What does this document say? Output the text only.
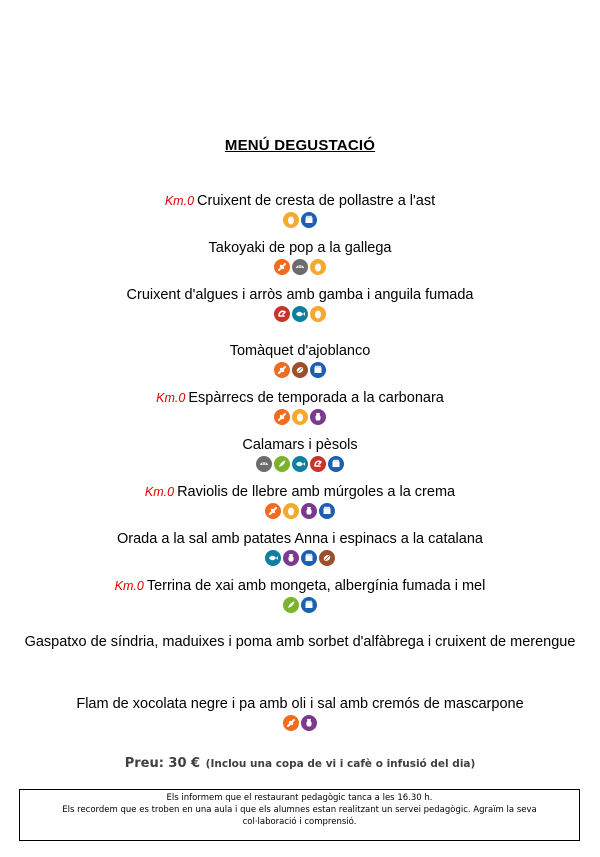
MENÚ DEGUSTACIÓ
Km.0 Cruixent de cresta de pollastre a l'ast
Takoyaki de pop a la gallega
Cruixent d'algues i arròs amb gamba i anguila fumada
Tomàquet d'ajoblanco
Km.0 Espàrrecs de temporada a la carbonara
Calamars i pèsols
Km.0 Raviolis de llebre amb múrgoles a la crema
Orada a la sal amb patates Anna i espinacs a la catalana
Km.0 Terrina de xai amb mongeta, albergínia fumada i mel
Gaspatxo de síndria, maduixes i poma amb sorbet d'alfàbrega i cruixent de merengue
Flam de xocolata negre i pa amb oli i sal amb cremós de mascarpone
Preu: 30 € (Inclou una copa de vi i cafè o infusió del dia)
Els informem que el restaurant pedagògic tanca a les 16.30 h.
Els recordem que es troben en una aula i que els alumnes estan realitzant un servei pedagògic. Agraïm la seva
col·laboració i comprensió.
